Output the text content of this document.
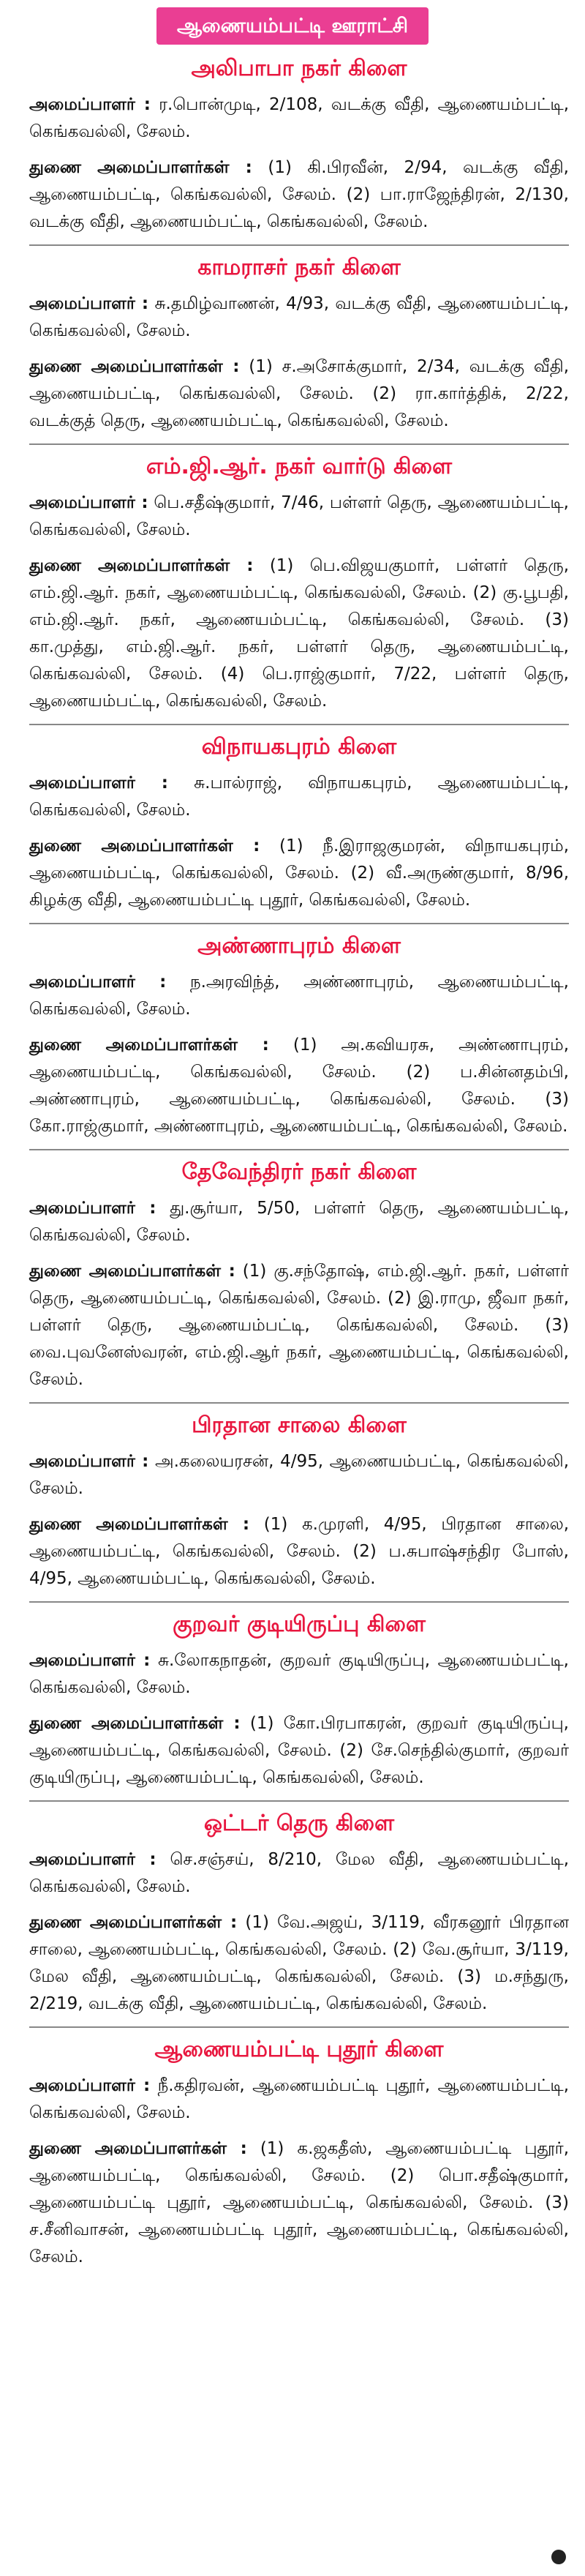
ஆணையம்பட்டி ஊராட்சி
அலிபாபா நகர் கிளை

அமைப்பாளர் : ர.பொன்முடி, 2/108, வடக்கு வீதி, ஆணையம்பட்டி, கெங்கவல்லி, சேலம்.

துணை அமைப்பாளர்கள் : (1) கி.பிரவீன், 2/94, வடக்கு வீதி, ஆணையம்பட்டி, கெங்கவல்லி, சேலம். (2) பா.ராஜேந்திரன், 2/130, வடக்கு வீதி, ஆணையம்பட்டி, கெங்கவல்லி, சேலம்.

காமராசர் நகர் கிளை

அமைப்பாளர் : சு.தமிழ்வாணன், 4/93, வடக்கு வீதி, ஆணையம்பட்டி, கெங்கவல்லி, சேலம்.

துணை அமைப்பாளர்கள் : (1) ச.அசோக்குமார், 2/34, வடக்கு வீதி, ஆணையம்பட்டி, கெங்கவல்லி, சேலம். (2) ரா.கார்த்திக், 2/22, வடக்குத் தெரு, ஆணையம்பட்டி, கெங்கவல்லி, சேலம்.

எம்.ஜி.ஆர். நகர் வார்டு கிளை

அமைப்பாளர் : பெ.சதீஷ்குமார், 7/46, பள்ளர் தெரு, ஆணையம்பட்டி, கெங்கவல்லி, சேலம்.

துணை அமைப்பாளர்கள் : (1) பெ.விஜயகுமார், பள்ளர் தெரு, எம்.ஜி.ஆர். நகர், ஆணையம்பட்டி, கெங்கவல்லி, சேலம். (2) கு.பூபதி, எம்.ஜி.ஆர். நகர், ஆணையம்பட்டி, கெங்கவல்லி, சேலம். (3) கா.முத்து, எம்.ஜி.ஆர். நகர், பள்ளர் தெரு, ஆணையம்பட்டி, கெங்கவல்லி, சேலம். (4) பெ.ராஜ்குமார், 7/22, பள்ளர் தெரு, ஆணையம்பட்டி, கெங்கவல்லி, சேலம்.

விநாயகபுரம் கிளை

அமைப்பாளர் : சு.பால்ராஜ், விநாயகபுரம், ஆணையம்பட்டி, கெங்கவல்லி, சேலம்.

துணை அமைப்பாளர்கள் : (1) நீ.இராஜகுமரன், விநாயகபுரம், ஆணையம்பட்டி, கெங்கவல்லி, சேலம். (2) வீ.அருண்குமார், 8/96, கிழக்கு வீதி, ஆணையம்பட்டி புதூர், கெங்கவல்லி, சேலம்.

அண்ணாபுரம் கிளை

அமைப்பாளர் : ந.அரவிந்த், அண்ணாபுரம், ஆணையம்பட்டி, கெங்கவல்லி, சேலம்.

துணை அமைப்பாளர்கள் : (1) அ.கவியரசு, அண்ணாபுரம், ஆணையம்பட்டி, கெங்கவல்லி, சேலம். (2) ப.சின்னதம்பி, அண்ணாபுரம், ஆணையம்பட்டி, கெங்கவல்லி, சேலம். (3) கோ.ராஜ்குமார், அண்ணாபுரம், ஆணையம்பட்டி, கெங்கவல்லி, சேலம்.

தேவேந்திரர் நகர் கிளை

அமைப்பாளர் : து.சூர்யா, 5/50, பள்ளர் தெரு, ஆணையம்பட்டி, கெங்கவல்லி, சேலம்.

துணை அமைப்பாளர்கள் : (1) கு.சந்தோஷ், எம்.ஜி.ஆர். நகர், பள்ளர் தெரு, ஆணையம்பட்டி, கெங்கவல்லி, சேலம். (2) இ.ராமு, ஜீவா நகர், பள்ளர் தெரு, ஆணையம்பட்டி, கெங்கவல்லி, சேலம். (3) வை.புவனேஸ்வரன், எம்.ஜி.ஆர் நகர், ஆணையம்பட்டி, கெங்கவல்லி, சேலம்.

பிரதான சாலை கிளை

அமைப்பாளர் : அ.கலையரசன், 4/95, ஆணையம்பட்டி, கெங்கவல்லி, சேலம்.

துணை அமைப்பாளர்கள் : (1) க.முரளி, 4/95, பிரதான சாலை, ஆணையம்பட்டி, கெங்கவல்லி, சேலம். (2) ப.சுபாஷ்சந்திர போஸ், 4/95, ஆணையம்பட்டி, கெங்கவல்லி, சேலம்.

குறவர் குடியிருப்பு கிளை

அமைப்பாளர் : சு.லோகநாதன், குறவர் குடியிருப்பு, ஆணையம்பட்டி, கெங்கவல்லி, சேலம்.

துணை அமைப்பாளர்கள் : (1) கோ.பிரபாகரன், குறவர் குடியிருப்பு, ஆணையம்பட்டி, கெங்கவல்லி, சேலம். (2) சே.செந்தில்குமார், குறவர் குடியிருப்பு, ஆணையம்பட்டி, கெங்கவல்லி, சேலம்.

ஒட்டர் தெரு கிளை

அமைப்பாளர் : செ.சஞ்சய், 8/210, மேல வீதி, ஆணையம்பட்டி, கெங்கவல்லி, சேலம்.

துணை அமைப்பாளர்கள் : (1) வே.அஜய், 3/119, வீரகனூர் பிரதான சாலை, ஆணையம்பட்டி, கெங்கவல்லி, சேலம். (2) வே.சூர்யா, 3/119, மேல வீதி, ஆணையம்பட்டி, கெங்கவல்லி, சேலம். (3) ம.சந்துரு, 2/219, வடக்கு வீதி, ஆணையம்பட்டி, கெங்கவல்லி, சேலம்.

ஆணையம்பட்டி புதூர் கிளை

அமைப்பாளர் : நீ.கதிரவன், ஆணையம்பட்டி புதூர், ஆணையம்பட்டி, கெங்கவல்லி, சேலம்.

துணை அமைப்பாளர்கள் : (1) க.ஜகதீஸ், ஆணையம்பட்டி புதூர், ஆணையம்பட்டி, கெங்கவல்லி, சேலம். (2) பொ.சதீஷ்குமார், ஆணையம்பட்டி புதூர், ஆணையம்பட்டி, கெங்கவல்லி, சேலம். (3) ச.சீனிவாசன், ஆணையம்பட்டி புதூர், ஆணையம்பட்டி, கெங்கவல்லி, சேலம்.
